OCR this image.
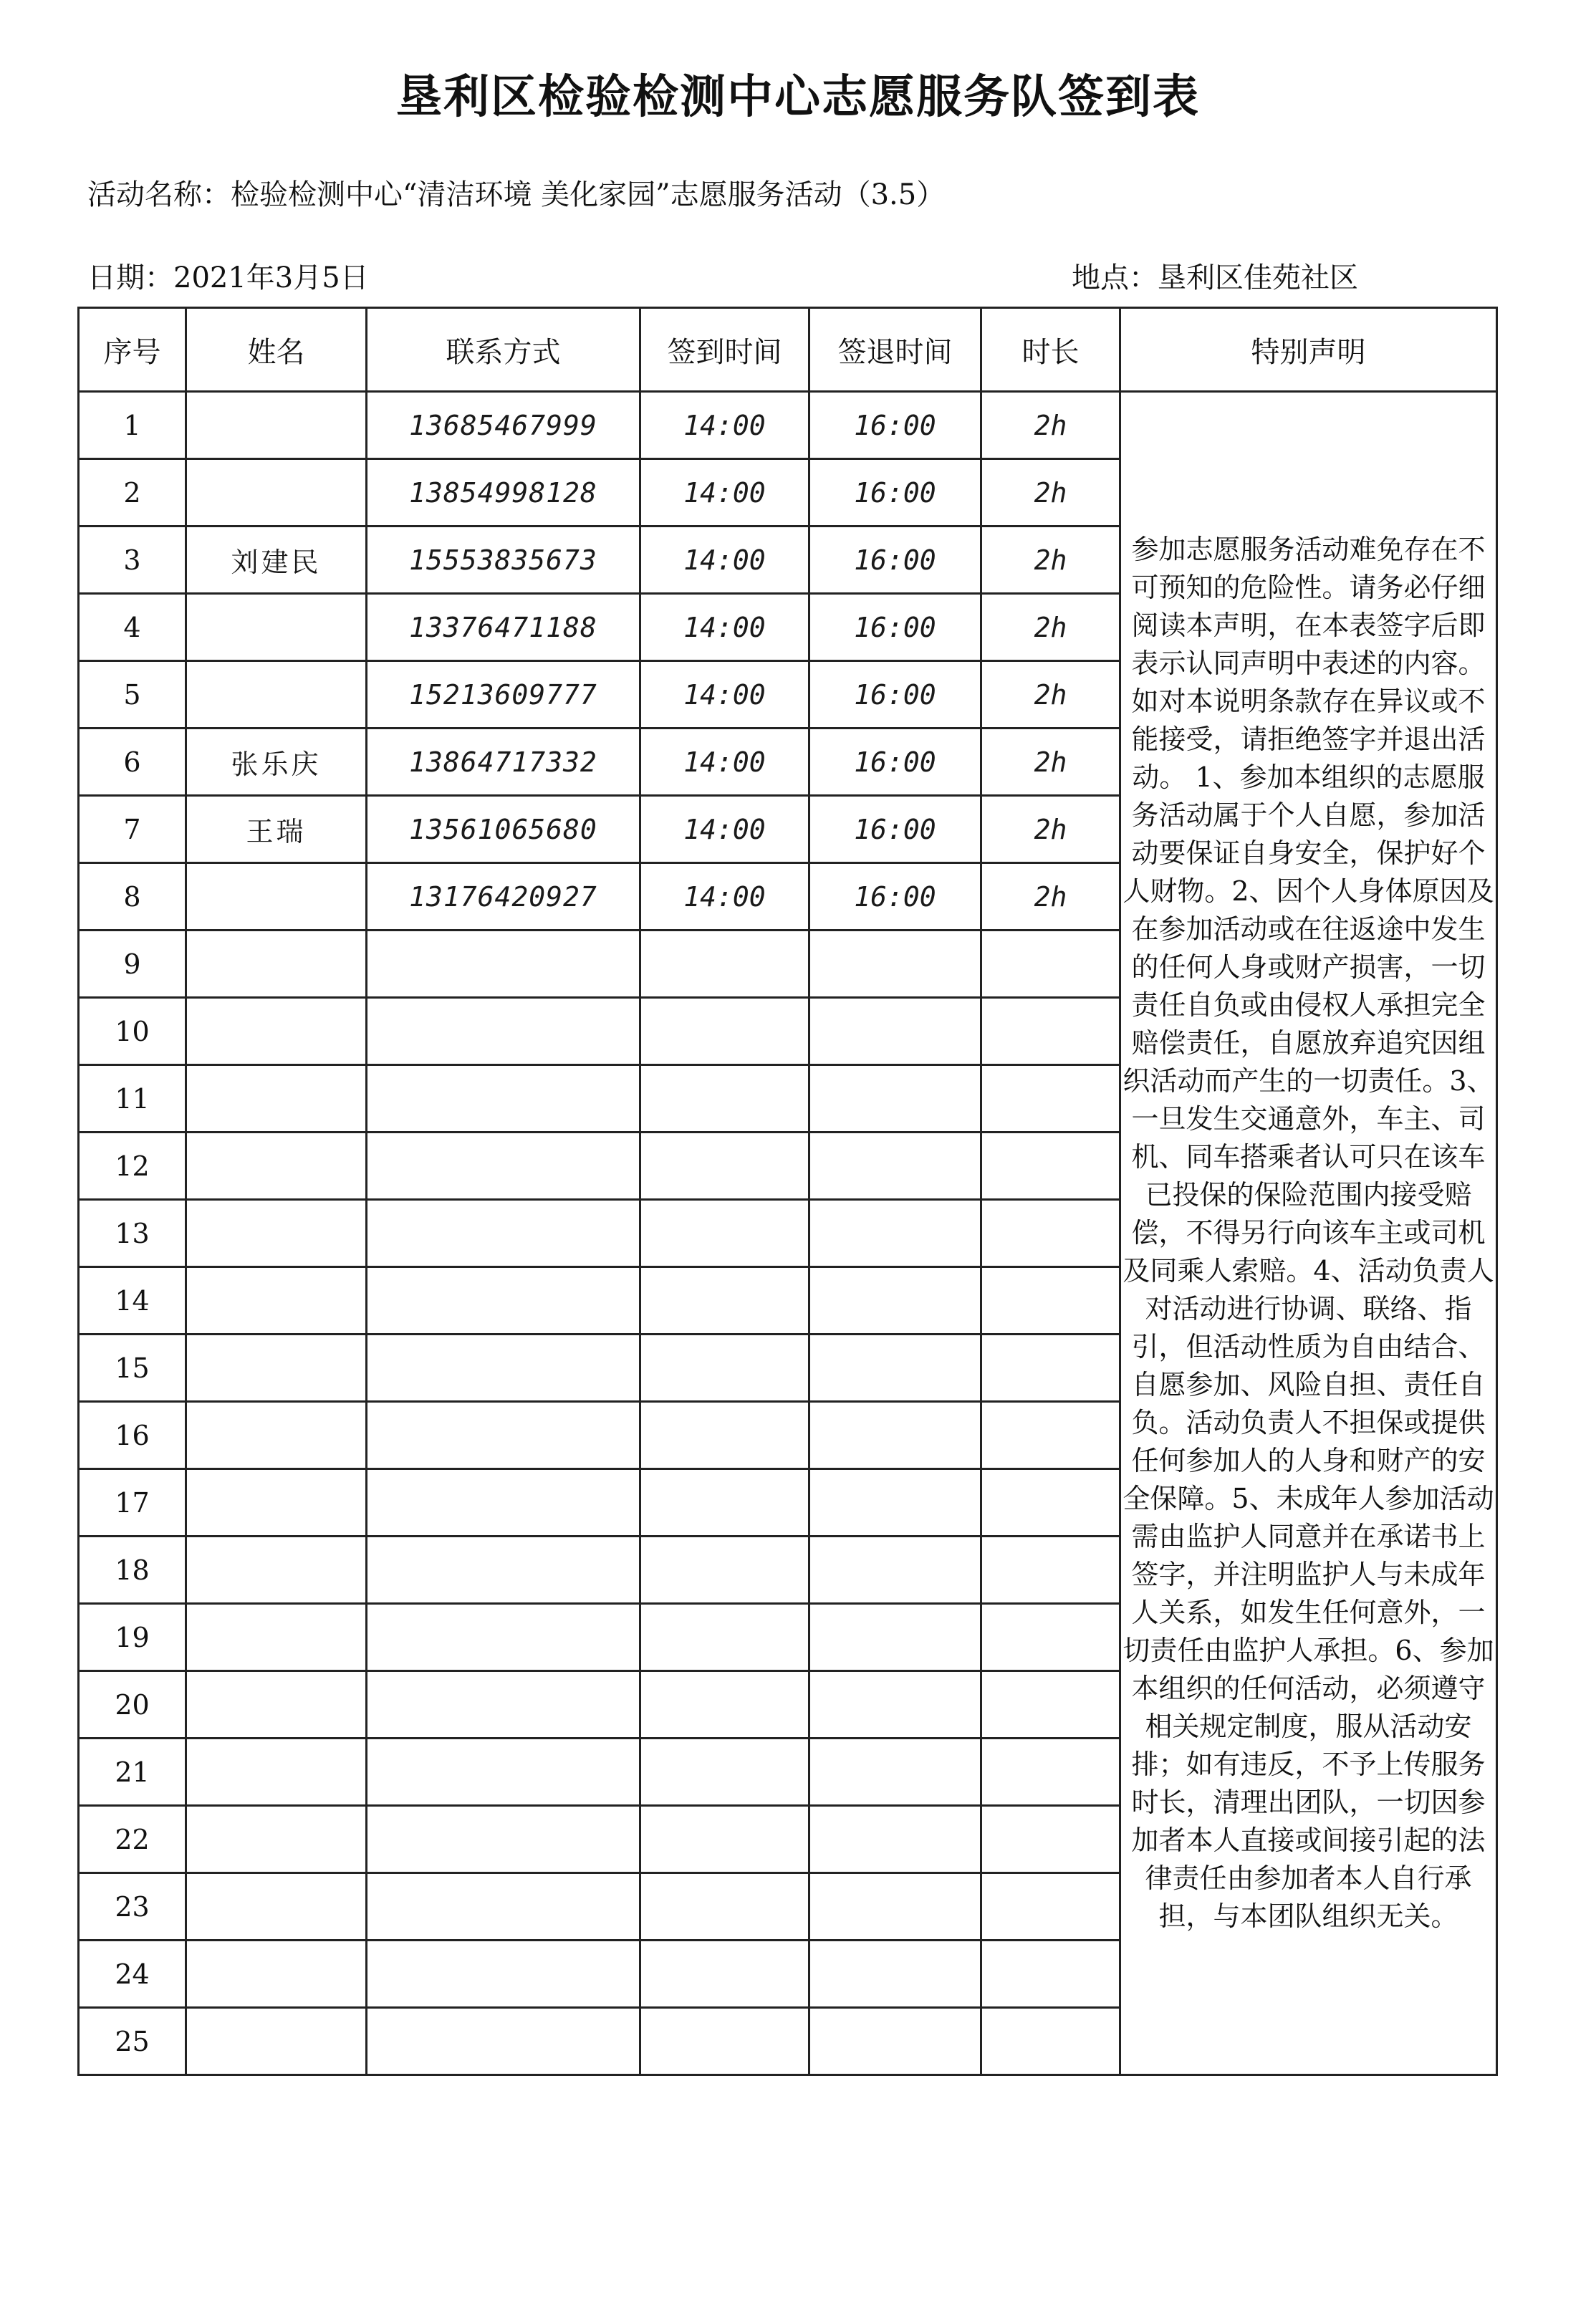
垦利区检验检测中心志愿服务队签到表
活动名称：检验检测中心“清洁环境 美化家园”志愿服务活动（3.5）
日期：2021年3月5日	地点：垦利区佳苑社区
序号	姓名	联系方式	签到时间	签退时间	时长	特别声明
1		13685467999	14:00	16:00	2h	参加志愿服务活动难免存在不可预知的危险性。请务必仔细阅读本声明，在本表签字后即表示认同声明中表述的内容。如对本说明条款存在异议或不能接受，请拒绝签字并退出活动。 1、参加本组织的志愿服务活动属于个人自愿，参加活动要保证自身安全，保护好个人财物。2、因个人身体原因及在参加活动或在往返途中发生的任何人身或财产损害，一切责任自负或由侵权人承担完全赔偿责任，自愿放弃追究因组织活动而产生的一切责任。3、一旦发生交通意外，车主、司机、同车搭乘者认可只在该车已投保的保险范围内接受赔偿，不得另行向该车主或司机及同乘人索赔。4、活动负责人对活动进行协调、联络、指引，但活动性质为自由结合、自愿参加、风险自担、责任自负。活动负责人不担保或提供任何参加人的人身和财产的安全保障。5、未成年人参加活动需由监护人同意并在承诺书上签字，并注明监护人与未成年人关系，如发生任何意外，一切责任由监护人承担。6、参加本组织的任何活动，必须遵守相关规定制度，服从活动安排；如有违反，不予上传服务时长，清理出团队，一切因参加者本人直接或间接引起的法律责任由参加者本人自行承担，与本团队组织无关。
2		13854998128	14:00	16:00	2h	
3	刘建民	15553835673	14:00	16:00	2h	
4		13376471188	14:00	16:00	2h	
5		15213609777	14:00	16:00	2h	
6	张乐庆	13864717332	14:00	16:00	2h	
7	王瑞	13561065680	14:00	16:00	2h	
8		13176420927	14:00	16:00	2h	
9						
10						
11						
12						
13						
14						
15						
16						
17						
18						
19						
20						
21						
22						
23						
24						
25						
